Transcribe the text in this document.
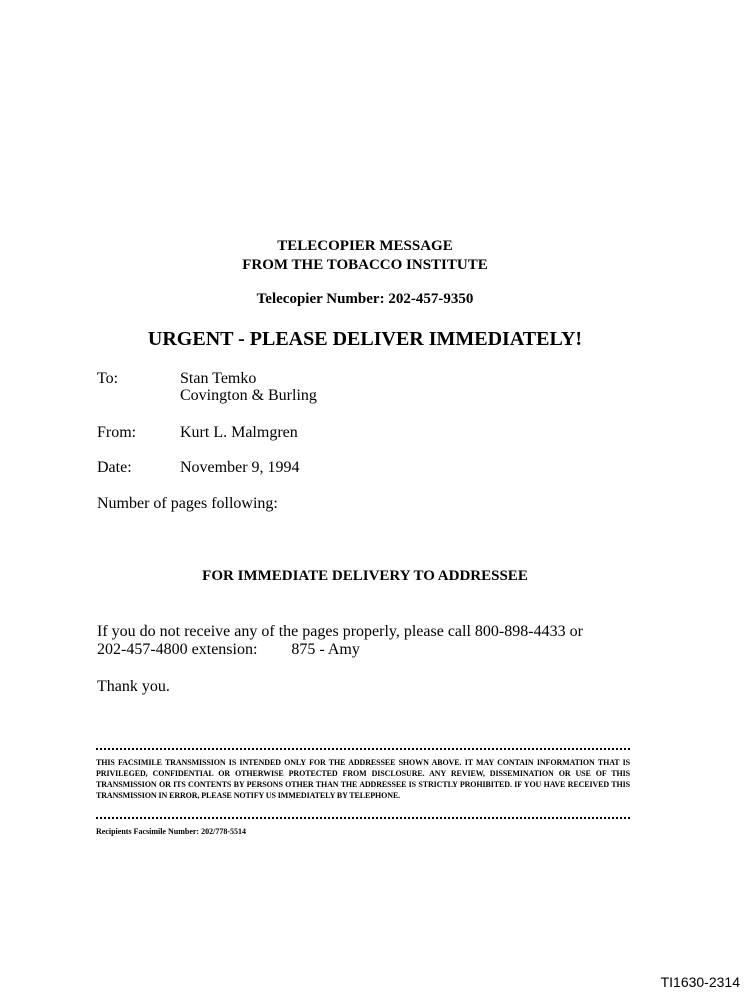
TELECOPIER MESSAGE
FROM THE TOBACCO INSTITUTE
Telecopier Number: 202-457-9350
URGENT - PLEASE DELIVER IMMEDIATELY!
To:	Stan Temko
Covington & Burling
From:	Kurt L. Malmgren
Date:	November 9, 1994
Number of pages following:
FOR IMMEDIATE DELIVERY TO ADDRESSEE
If you do not receive any of the pages properly, please call 800-898-4433 or
202-457-4800 extension: 875 - Amy
Thank you.
THIS FACSIMILE TRANSMISSION IS INTENDED ONLY FOR THE ADDRESSEE SHOWN ABOVE. IT MAY CONTAIN INFORMATION THAT IS PRIVILEGED, CONFIDENTIAL OR OTHERWISE PROTECTED FROM DISCLOSURE. ANY REVIEW, DISSEMINATION OR USE OF THIS TRANSMISSION OR ITS CONTENTS BY PERSONS OTHER THAN THE ADDRESSEE IS STRICTLY PROHIBITED. IF YOU HAVE RECEIVED THIS TRANSMISSION IN ERROR, PLEASE NOTIFY US IMMEDIATELY BY TELEPHONE.
Recipients Facsimile Number: 202/778-5514
TI1630-2314
